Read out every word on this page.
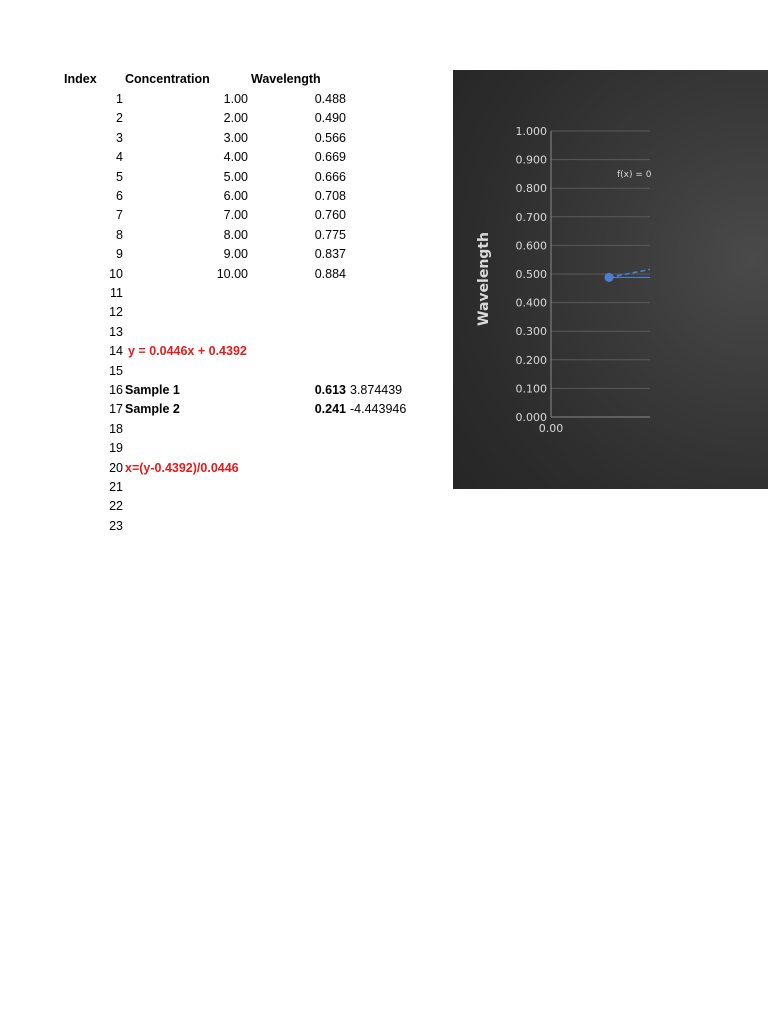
Index Concentration	Wavelength
1	1.00	0.488
2	2.00	0.490
3	3.00	0.566
4	4.00	0.669
5	5.00	0.666
6	6.00	0.708
7	7.00	0.760
8	8.00	0.775
9	9.00	0.837
10	10.00	0.884
11
12
13
14 y = 0.0446x + 0.4392
15
16 Sample 1	0.613 3.874439
17 Sample 2	0.241 -4.443946
18
19
20 x=(y-0.4392)/0.0446
21
22
23
0.000
0.100
0.200
0.300
0.400
0.500
0.600
0.700
0.800
0.900
1.000
0.00
Wavelength
f(x) = 0
